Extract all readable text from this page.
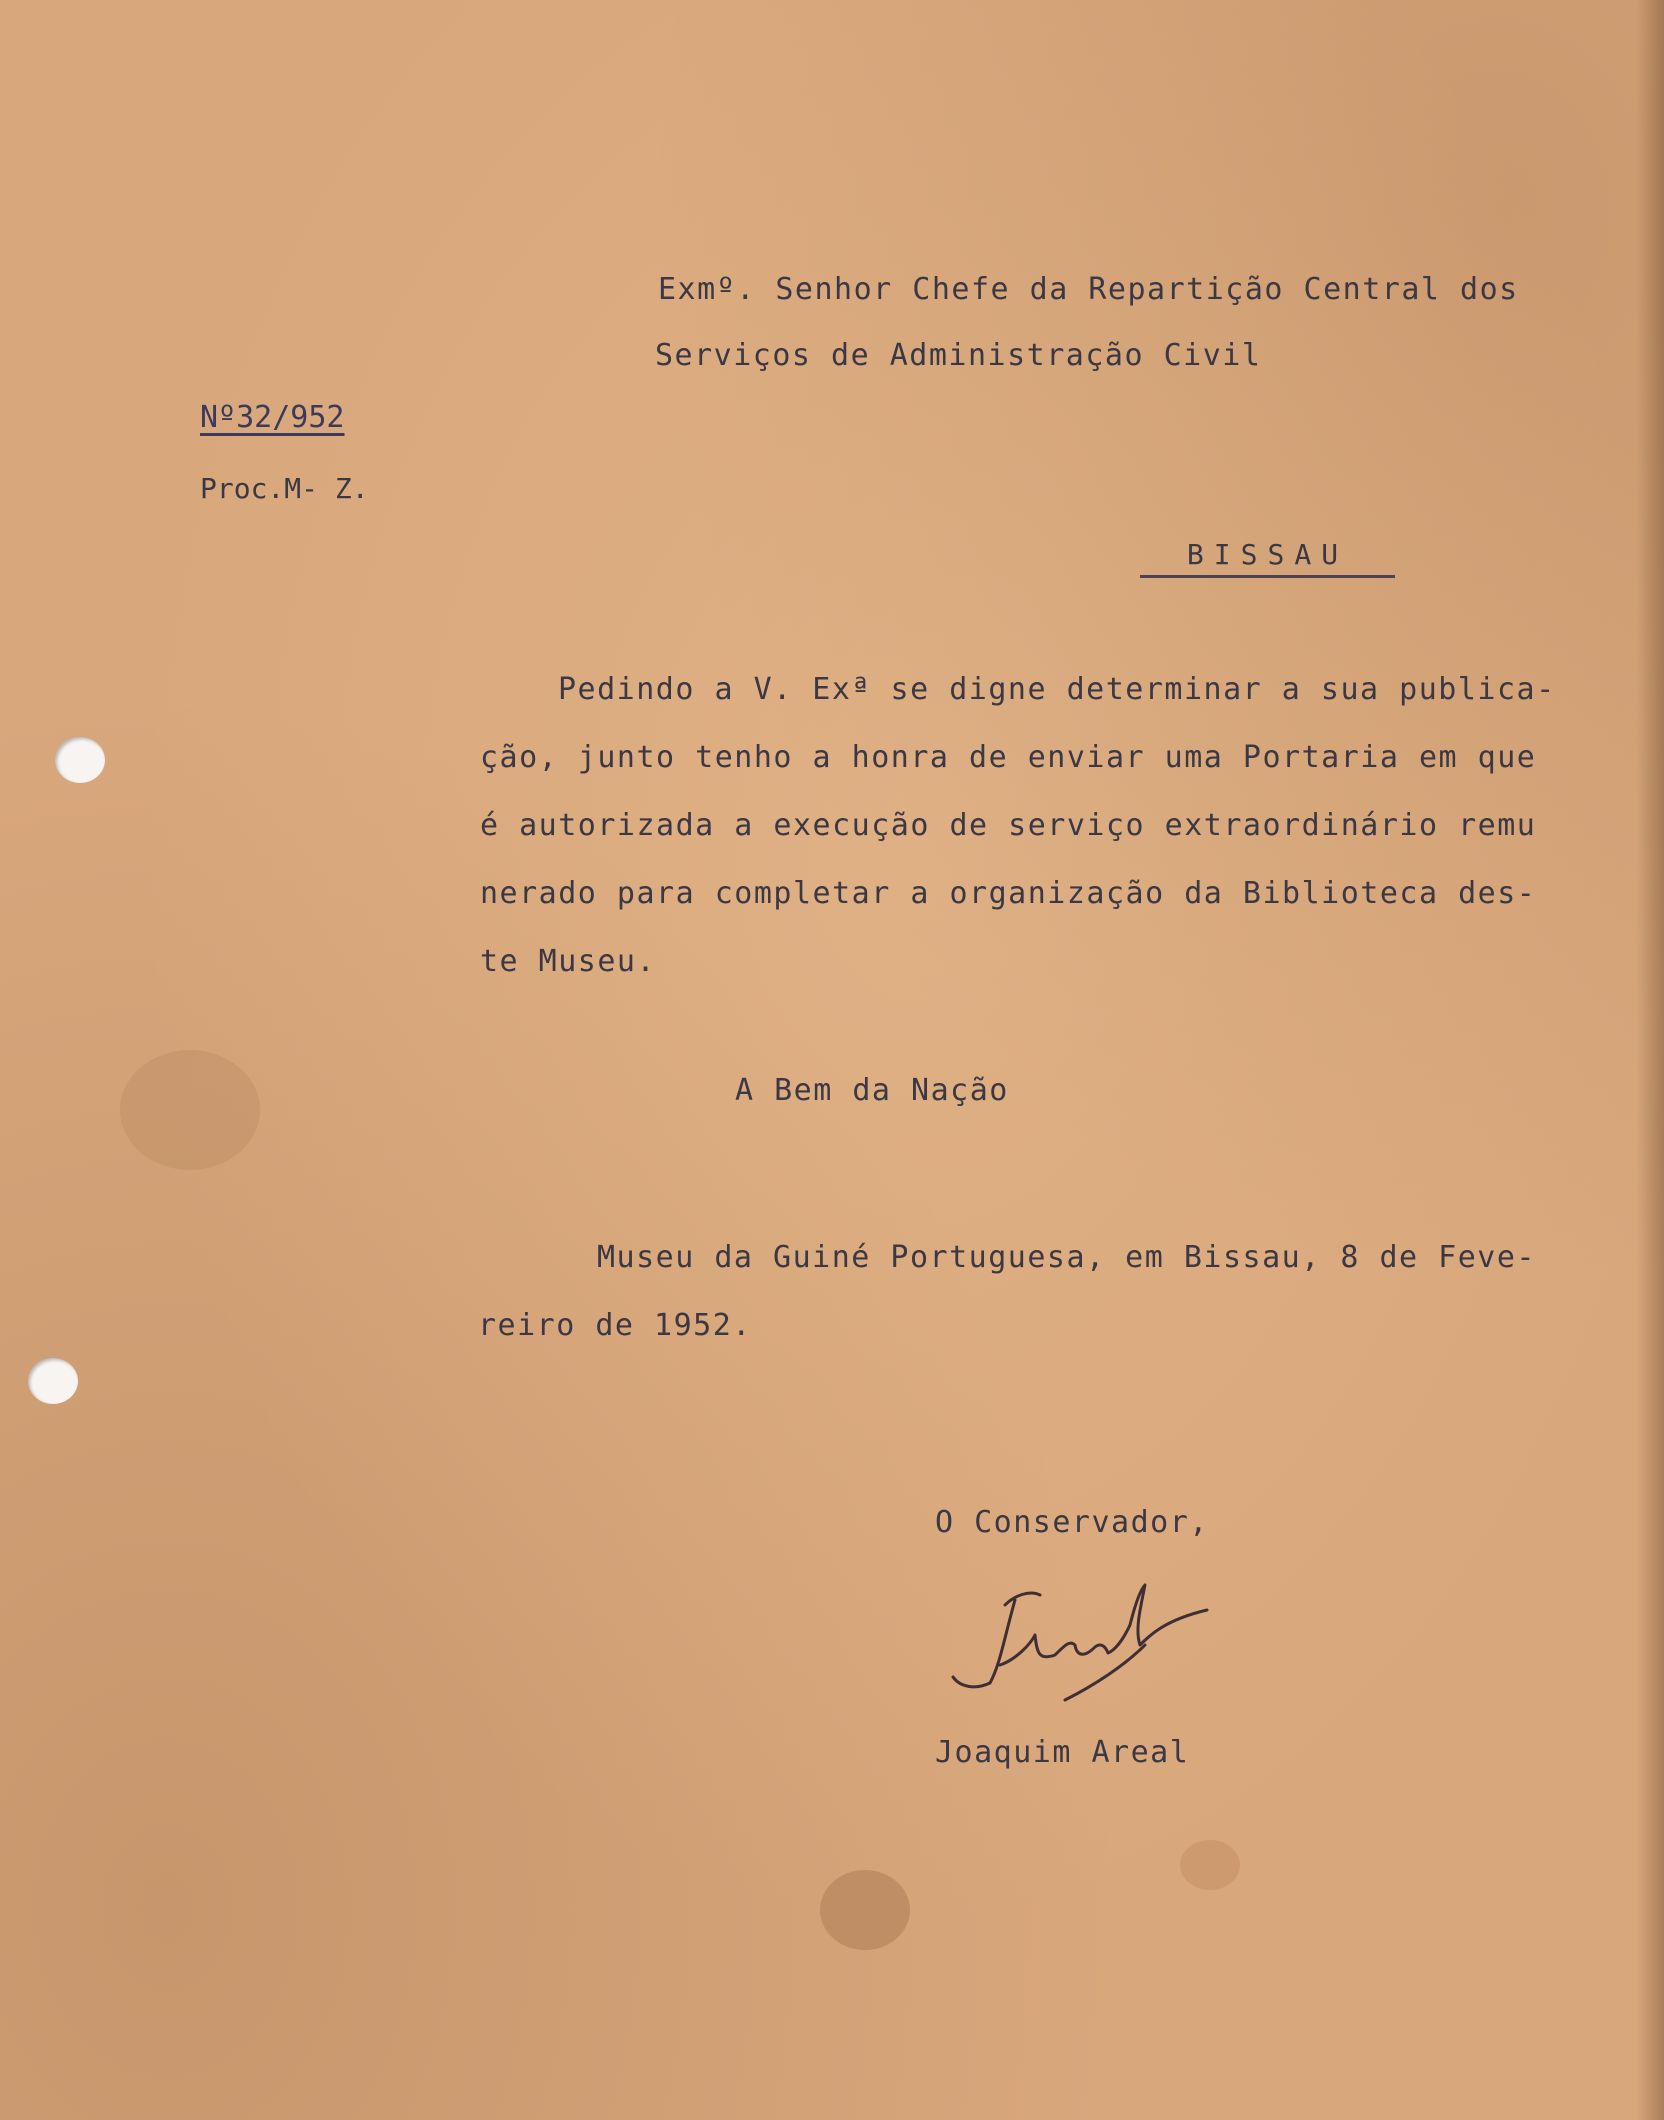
Exmº. Senhor Chefe da Repartição Central dos
Serviços de Administração Civil
Nº32/952
Proc.M- Z.
BISSAU
Pedindo a V. Exª se digne determinar a sua publica-
ção, junto tenho a honra de enviar uma Portaria em que
é autorizada a execução de serviço extraordinário remu
nerado para completar a organização da Biblioteca des-
te Museu.
A Bem da Nação
Museu da Guiné Portuguesa, em Bissau, 8 de Feve-
reiro de 1952.
O Conservador,
Joaquim Areal
